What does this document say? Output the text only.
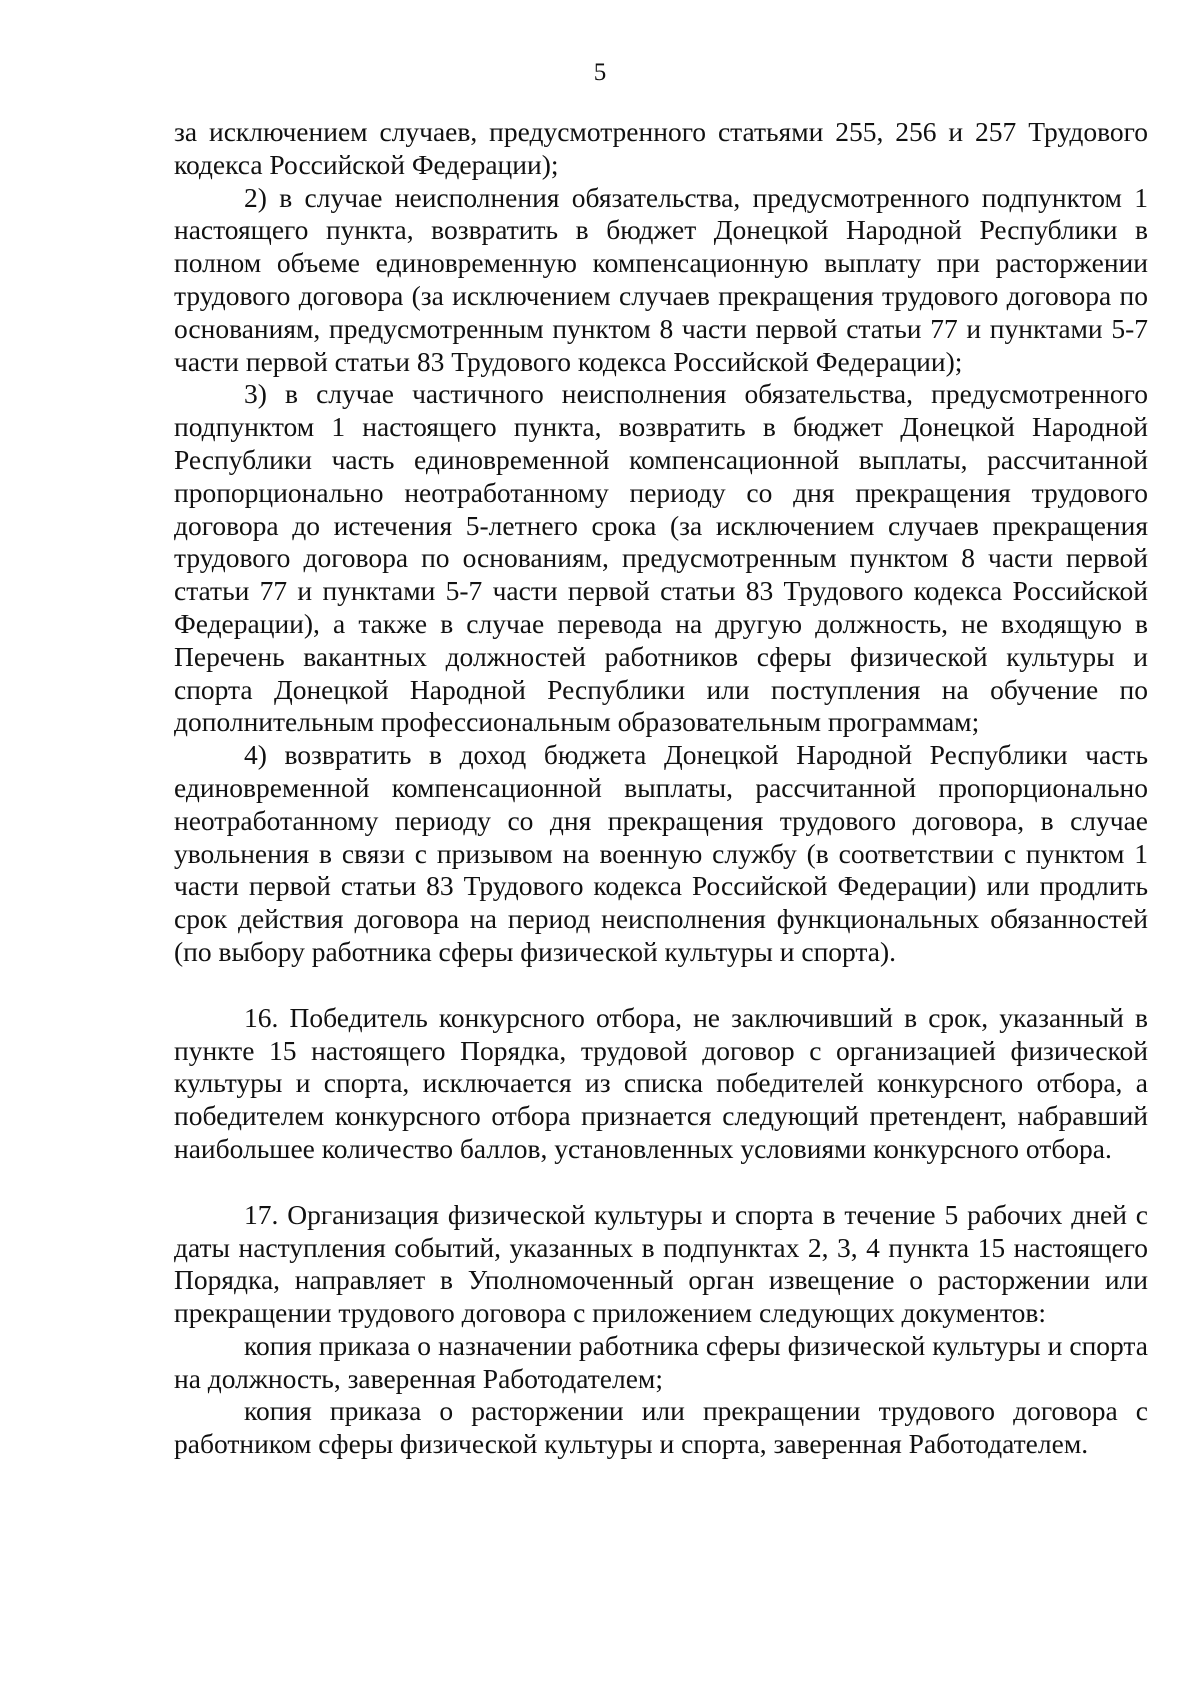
5

за исключением случаев, предусмотренного статьями 255, 256 и 257 Трудового кодекса Российской Федерации);

2) в случае неисполнения обязательства, предусмотренного подпунктом 1 настоящего пункта, возвратить в бюджет Донецкой Народной Республики в полном объеме единовременную компенсационную выплату при расторжении трудового договора (за исключением случаев прекращения трудового договора по основаниям, предусмотренным пунктом 8 части первой статьи 77 и пунктами 5-7 части первой статьи 83 Трудового кодекса Российской Федерации);

3) в случае частичного неисполнения обязательства, предусмотренного подпунктом 1 настоящего пункта, возвратить в бюджет Донецкой Народной Республики часть единовременной компенсационной выплаты, рассчитанной пропорционально неотработанному периоду со дня прекращения трудового договора до истечения 5-летнего срока (за исключением случаев прекращения трудового договора по основаниям, предусмотренным пунктом 8 части первой статьи 77 и пунктами 5-7 части первой статьи 83 Трудового кодекса Российской Федерации), а также в случае перевода на другую должность, не входящую в Перечень вакантных должностей работников сферы физической культуры и спорта Донецкой Народной Республики или поступления на обучение по дополнительным профессиональным образовательным программам;

4) возвратить в доход бюджета Донецкой Народной Республики часть единовременной компенсационной выплаты, рассчитанной пропорционально неотработанному периоду со дня прекращения трудового договора, в случае увольнения в связи с призывом на военную службу (в соответствии с пунктом 1 части первой статьи 83 Трудового кодекса Российской Федерации) или продлить срок действия договора на период неисполнения функциональных обязанностей (по выбору работника сферы физической культуры и спорта).

16. Победитель конкурсного отбора, не заключивший в срок, указанный в пункте 15 настоящего Порядка, трудовой договор с организацией физической культуры и спорта, исключается из списка победителей конкурсного отбора, а победителем конкурсного отбора признается следующий претендент, набравший наибольшее количество баллов, установленных условиями конкурсного отбора.

17. Организация физической культуры и спорта в течение 5 рабочих дней с даты наступления событий, указанных в подпунктах 2, 3, 4 пункта 15 настоящего Порядка, направляет в Уполномоченный орган извещение о расторжении или прекращении трудового договора с приложением следующих документов:

копия приказа о назначении работника сферы физической культуры и спорта на должность, заверенная Работодателем;

копия приказа о расторжении или прекращении трудового договора с работником сферы физической культуры и спорта, заверенная Работодателем.
